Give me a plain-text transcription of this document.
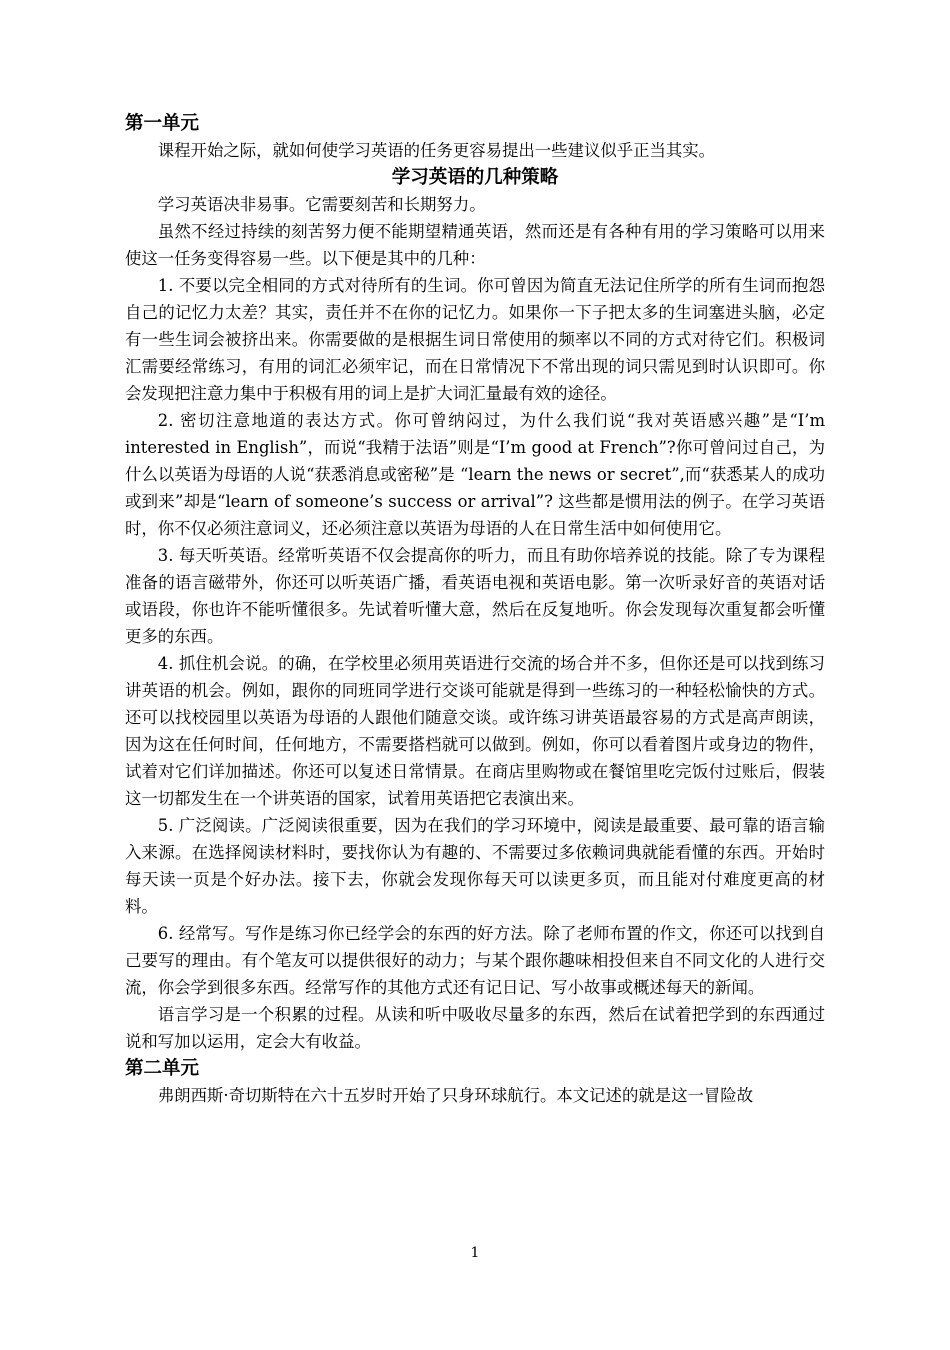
第一单元

课程开始之际，就如何使学习英语的任务更容易提出一些建议似乎正当其实。

学习英语的几种策略

学习英语决非易事。它需要刻苦和长期努力。

虽然不经过持续的刻苦努力便不能期望精通英语，然而还是有各种有用的学习策略可以用来使这一任务变得容易一些。以下便是其中的几种：

1. 不要以完全相同的方式对待所有的生词。你可曾因为简直无法记住所学的所有生词而抱怨自己的记忆力太差？其实，责任并不在你的记忆力。如果你一下子把太多的生词塞进头脑，必定有一些生词会被挤出来。你需要做的是根据生词日常使用的频率以不同的方式对待它们。积极词汇需要经常练习，有用的词汇必须牢记，而在日常情况下不常出现的词只需见到时认识即可。你会发现把注意力集中于积极有用的词上是扩大词汇量最有效的途径。

2. 密切注意地道的表达方式。你可曾纳闷过，为什么我们说“我对英语感兴趣”是“I’m interested in English”，而说“我精于法语”则是“I’m good at French”?你可曾问过自己，为什么以英语为母语的人说“获悉消息或密秘”是 “learn the news or secret”,而“获悉某人的成功或到来”却是“learn of someone’s success or arrival”? 这些都是惯用法的例子。在学习英语时，你不仅必须注意词义，还必须注意以英语为母语的人在日常生活中如何使用它。

3. 每天听英语。经常听英语不仅会提高你的听力，而且有助你培养说的技能。除了专为课程准备的语言磁带外，你还可以听英语广播，看英语电视和英语电影。第一次听录好音的英语对话或语段，你也许不能听懂很多。先试着听懂大意，然后在反复地听。你会发现每次重复都会听懂更多的东西。

4. 抓住机会说。的确，在学校里必须用英语进行交流的场合并不多，但你还是可以找到练习讲英语的机会。例如，跟你的同班同学进行交谈可能就是得到一些练习的一种轻松愉快的方式。还可以找校园里以英语为母语的人跟他们随意交谈。或许练习讲英语最容易的方式是高声朗读，因为这在任何时间，任何地方，不需要搭档就可以做到。例如，你可以看着图片或身边的物件，试着对它们详加描述。你还可以复述日常情景。在商店里购物或在餐馆里吃完饭付过账后，假装这一切都发生在一个讲英语的国家，试着用英语把它表演出来。

5. 广泛阅读。广泛阅读很重要，因为在我们的学习环境中，阅读是最重要、最可靠的语言输入来源。在选择阅读材料时，要找你认为有趣的、不需要过多依赖词典就能看懂的东西。开始时每天读一页是个好办法。接下去，你就会发现你每天可以读更多页，而且能对付难度更高的材料。

6. 经常写。写作是练习你已经学会的东西的好方法。除了老师布置的作文，你还可以找到自己要写的理由。有个笔友可以提供很好的动力；与某个跟你趣味相投但来自不同文化的人进行交流，你会学到很多东西。经常写作的其他方式还有记日记、写小故事或概述每天的新闻。

语言学习是一个积累的过程。从读和听中吸收尽量多的东西，然后在试着把学到的东西通过说和写加以运用，定会大有收益。

第二单元

弗朗西斯·奇切斯特在六十五岁时开始了只身环球航行。本文记述的就是这一冒险故

1
